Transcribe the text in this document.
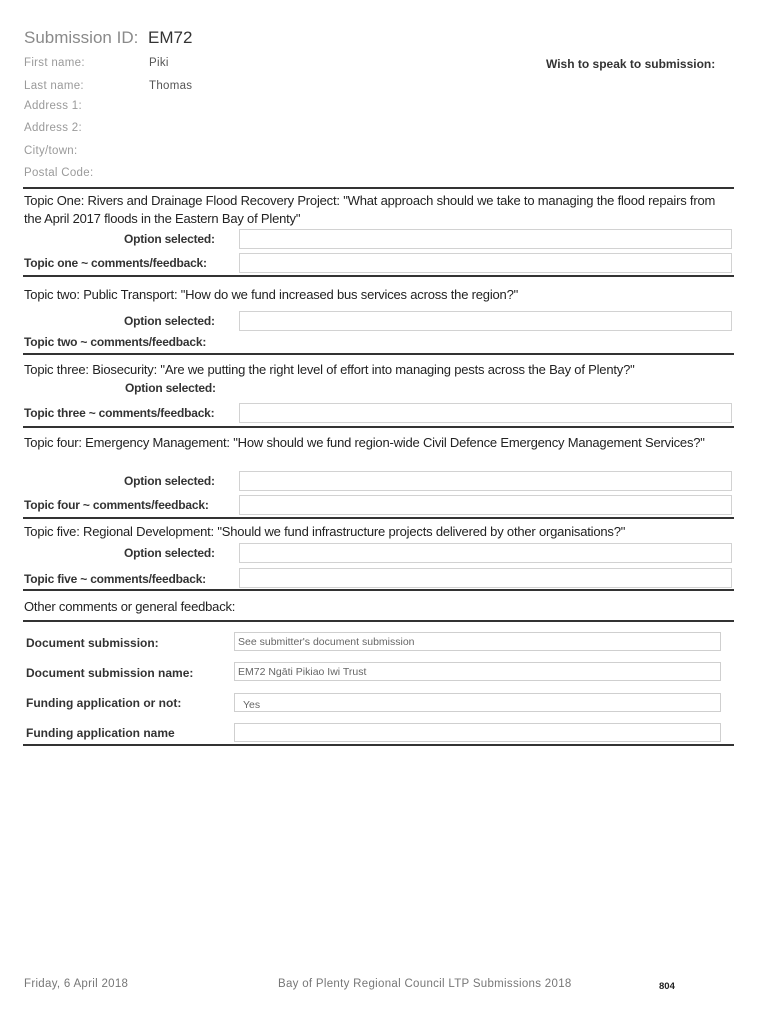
Submission ID: EM72
First name:	Piki	Wish to speak to submission:
Last name:	Thomas
Address 1:
Address 2:
City/town:
Postal Code:
Topic One: Rivers and Drainage Flood Recovery Project: "What approach should we take to managing the flood repairs from the April 2017 floods in the Eastern Bay of Plenty"
Option selected:
Topic one ~ comments/feedback:
Topic two: Public Transport: "How do we fund increased bus services across the region?"
Option selected:
Topic two ~ comments/feedback:
Topic three: Biosecurity: "Are we putting the right level of effort into managing pests across the Bay of Plenty?"
Option selected:
Topic three ~ comments/feedback:
Topic four: Emergency Management: "How should we fund region-wide Civil Defence Emergency Management Services?"
Option selected:
Topic four ~ comments/feedback:
Topic five: Regional Development: "Should we fund infrastructure projects delivered by other organisations?"
Option selected:
Topic five ~ comments/feedback:
Other comments or general feedback:
Document submission:	See submitter's document submission
Document submission name:	EM72 Ngāti Pikiao Iwi Trust
Funding application or not:	Yes
Funding application name
Friday, 6 April 2018	Bay of Plenty Regional Council LTP Submissions 2018	804
